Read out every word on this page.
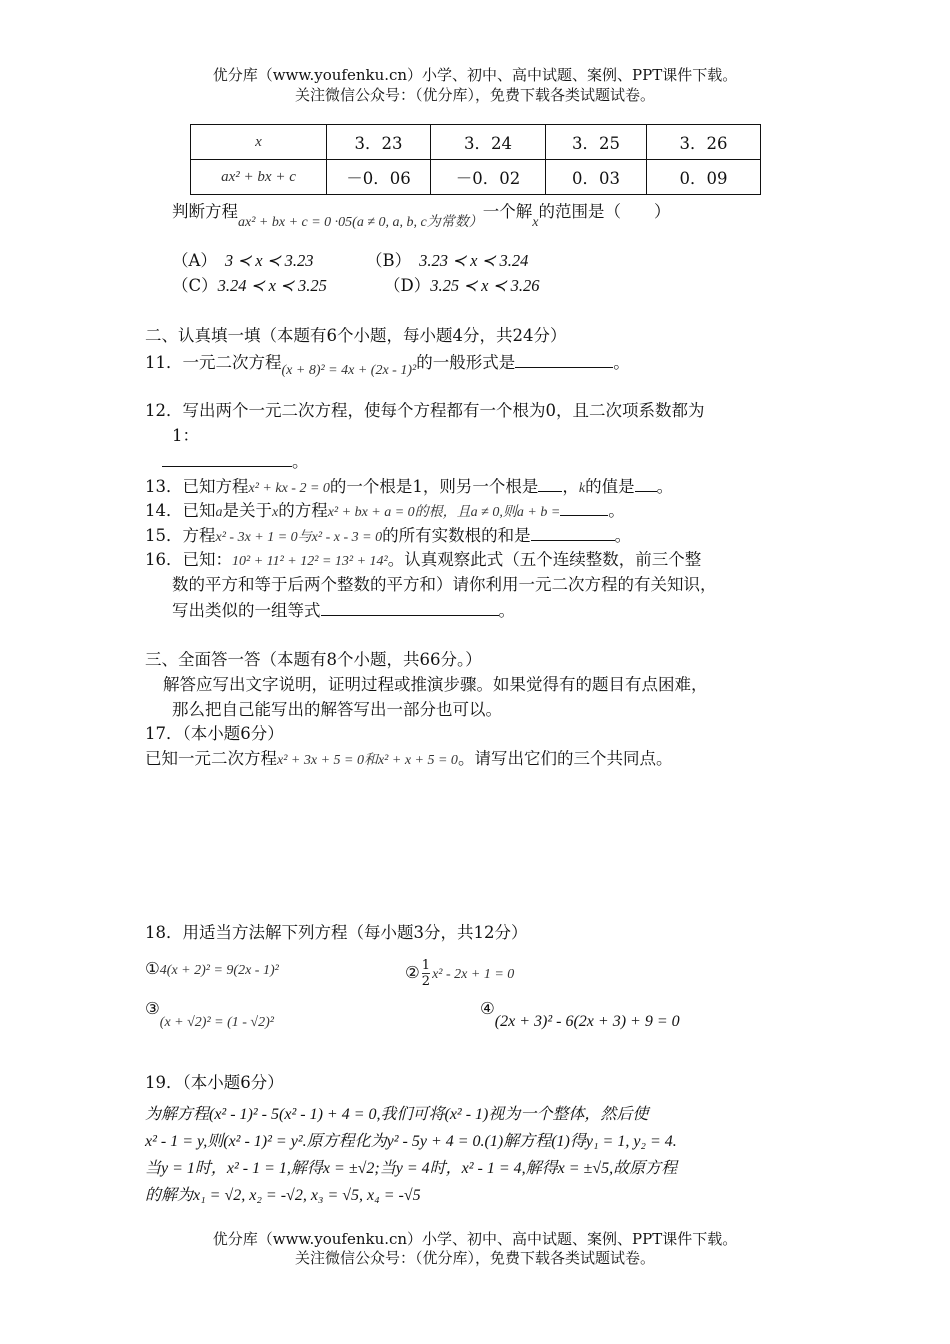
优分库（www.youfenku.cn）小学、初中、高中试题、案例、PPT课件下载。
关注微信公众号：（优分库），免费下载各类试题试卷。
x	3．23	3．24	3．25	3．26
ax² + bx + c	－0．06	－0．02	0．03	0．09
判断方程$_{ax^2 + bx + c = 0 \cdot 05(a \ne 0, a, b, c为常数)}$一个解$_x$的范围是（　　）
（A） 3 ≺ x ≺ 3.23	（B） 3.23 ≺ x ≺ 3.24
（C）3.24 ≺ x ≺ 3.25	（D）3.25 ≺ x ≺ 3.26
二、认真填一填（本题有6个小题，每小题4分，共24分）
11．一元二次方程$_{(x + 8)^2 = 4x + (2x - 1)^2}$的一般形式是	。
12．写出两个一元二次方程，使每个方程都有一个根为0，且二次项系数都为
1：
。
13．已知方程x² + kx - 2 = 0的一个根是1，则另一个根是 ，k的值是 。
14．已知a是关于x的方程x² + bx + a = 0的根，且a ≠ 0,则a + b =	。
15．方程x² - 3x + 1 = 0与x² - x - 3 = 0的所有实数根的和是	。
16．已知：10² + 11² + 12² = 13² + 14²。认真观察此式（五个连续整数，前三个整
数的平方和等于后两个整数的平方和）请你利用一元二次方程的有关知识，
写出类似的一组等式	。
三、全面答一答（本题有8个小题，共66分。）
解答应写出文字说明，证明过程或推演步骤。如果觉得有的题目有点困难，
那么把自己能写出的解答写出一部分也可以。
17．（本小题6分）
已知一元二次方程x² + 3x + 5 = 0和x² + x + 5 = 0。请写出它们的三个共同点。
18．用适当方法解下列方程（每小题3分，共12分）
①4(x + 2)² = 9(2x - 1)²	② $\frac{1}{2} x^2 - 2x + 1 = 0$
$③_{(x + √2)^2 = (1 - √2)^2}$
④(2x + 3)² - 6(2x + 3) + 9 = 0
19．（本小题6分）
为解方程(x² - 1)² - 5(x² - 1) + 4 = 0,我们可将(x² - 1)视为一个整体，然后使
x² - 1 = y,则(x² - 1)² = y².原方程化为y² - 5y + 4 = 0.(1)解方程(1)得y₁ = 1, y₂ = 4.
当y = 1时，x² - 1 = 1,解得x = ±√2;当y = 4时，x² - 1 = 4,解得x = ±√5,故原方程
的解为x₁ = √2, x₂ = -√2, x₃ = √5, x₄ = -√5
优分库（www.youfenku.cn）小学、初中、高中试题、案例、PPT课件下载。
关注微信公众号：（优分库），免费下载各类试题试卷。
